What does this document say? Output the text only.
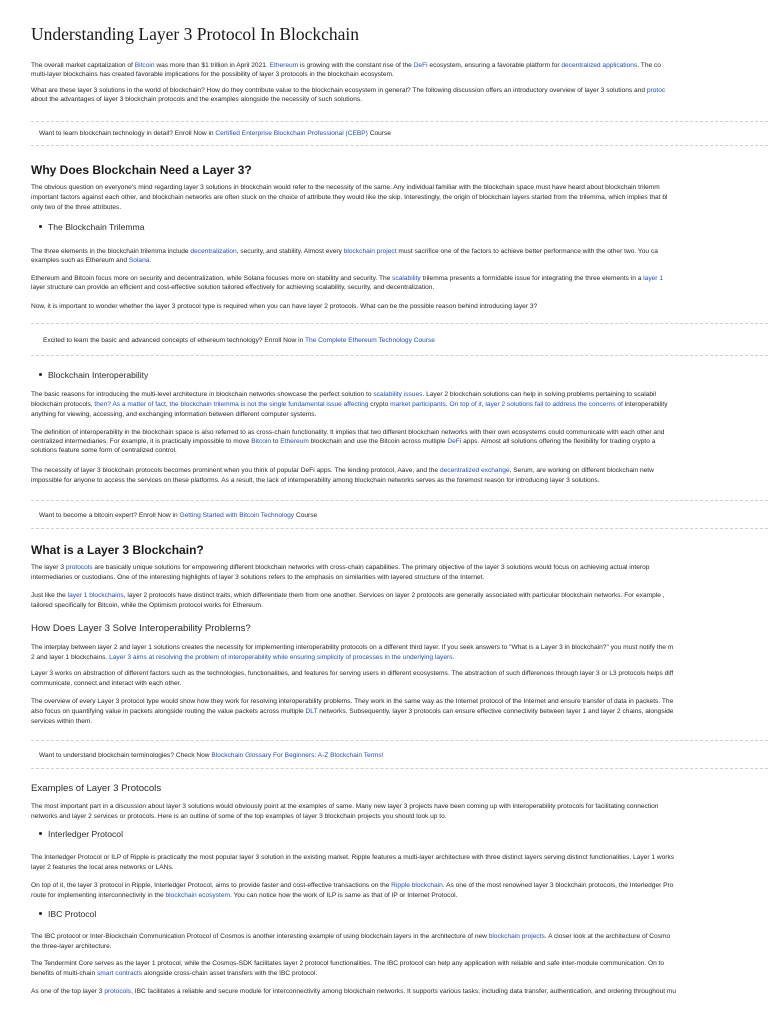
Understanding Layer 3 Protocol In Blockchain
The overall market capitalization of Bitcoin was more than $1 trillion in April 2021. Ethereum is growing with the constant rise of the DeFi ecosystem, ensuring a favorable platform for decentralized applications. The co
multi-layer blockchains has created favorable implications for the possibility of layer 3 protocols in the blockchain ecosystem.
What are these layer 3 solutions in the world of blockchain? How do they contribute value to the blockchain ecosystem in general? The following discussion offers an introductory overview of layer 3 solutions and protoc
about the advantages of layer 3 blockchain protocols and the examples alongside the necessity of such solutions.
Want to learn blockchain technology in detail? Enroll Now in Certified Enterprise Blockchain Professional (CEBP) Course
Why Does Blockchain Need a Layer 3?
The obvious question on everyone's mind regarding layer 3 solutions in blockchain would refer to the necessity of the same. Any individual familiar with the blockchain space must have heard about blockchain trilemm
important factors against each other, and blockchain networks are often stuck on the choice of attribute they would like the skip. Interestingly, the origin of blockchain layers started from the trilemma, which implies that bl
only two of the three attributes.
The Blockchain Trilemma
The three elements in the blockchain trilemma include decentralization, security, and stability. Almost every blockchain project must sacrifice one of the factors to achieve better performance with the other two. You ca
examples such as Ethereum and Solana.
Ethereum and Bitcoin focus more on security and decentralization, while Solana focuses more on stability and security. The scalability trilemma presents a formidable issue for integrating the three elements in a layer 1
layer structure can provide an efficient and cost-effective solution tailored effectively for achieving scalability, security, and decentralization.
Now, it is important to wonder whether the layer 3 protocol type is required when you can have layer 2 protocols. What can be the possible reason behind introducing layer 3?
Excited to learn the basic and advanced concepts of ethereum technology? Enroll Now in The Complete Ethereum Technology Course
Blockchain Interoperability
The basic reasons for introducing the multi-level architecture in blockchain networks showcase the perfect solution to scalability issues. Layer 2 blockchain solutions can help in solving problems pertaining to scalabil
blockchain protocols, then? As a matter of fact, the blockchain trilemma is not the single fundamental issue affecting crypto market participants. On top of it, layer 2 solutions fail to address the concerns of interoperability
anything for viewing, accessing, and exchanging information between different computer systems.
The definition of interoperability in the blockchain space is also referred to as cross-chain functionality. It implies that two different blockchain networks with their own ecosystems could communicate with each other and
centralized intermediaries. For example, it is practically impossible to move Bitcoin to Ethereum blockchain and use the Bitcoin across multiple DeFi apps. Almost all solutions offering the flexibility for trading crypto a
solutions feature some form of centralized control.
The necessity of layer 3 blockchain protocols becomes prominent when you think of popular DeFi apps. The lending protocol, Aave, and the decentralized exchange, Serum, are working on different blockchain netw
impossible for anyone to access the services on these platforms. As a result, the lack of interoperability among blockchain networks serves as the foremost reason for introducing layer 3 solutions.
Want to become a bitcoin expert? Enroll Now in Getting Started with Bitcoin Technology Course
What is a Layer 3 Blockchain?
The layer 3 protocols are basically unique solutions for empowering different blockchain networks with cross-chain capabilities. The primary objective of the layer 3 solutions would focus on achieving actual interop
intermediaries or custodians. One of the interesting highlights of layer 3 solutions refers to the emphasis on similarities with layered structure of the Internet.
Just like the layer 1 blockchains, layer 2 protocols have distinct traits, which differentiate them from one another. Services on layer 2 protocols are generally associated with particular blockchain networks. For example ,
tailored specifically for Bitcoin, while the Optimism protocol works for Ethereum.
How Does Layer 3 Solve Interoperability Problems?
The interplay between layer 2 and layer 1 solutions creates the necessity for implementing interoperability protocols on a different third layer. If you seek answers to "What is a Layer 3 in blockchain?" you must notify the m
2 and layer 1 blockchains. Layer 3 aims at resolving the problem of interoperability while ensuring simplicity of processes in the underlying layers.
Layer 3 works on abstraction of different factors such as the technologies, functionalities, and features for serving users in different ecosystems. The abstraction of such differences through layer 3 or L3 protocols helps diff
communicate, connect and interact with each other.
The overview of every Layer 3 protocol type would show how they work for resolving interoperability problems. They work in the same way as the Internet protocol of the Internet and ensure transfer of data in packets. The
also focus on quantifying value in packets alongside routing the value packets across multiple DLT networks. Subsequently, layer 3 protocols can ensure effective connectivity between layer 1 and layer 2 chains, alongside
services within them.
Want to understand blockchain terminologies? Check Now Blockchain Glossary For Beginners: A-Z Blockchain Terms!
Examples of Layer 3 Protocols
The most important part in a discussion about layer 3 solutions would obviously point at the examples of same. Many new layer 3 projects have been coming up with interoperability protocols for facilitating connection
networks and layer 2 services or protocols. Here is an outline of some of the top examples of layer 3 blockchain projects you should look up to.
Interledger Protocol
The Interledger Protocol or ILP of Ripple is practically the most popular layer 3 solution in the existing market. Ripple features a multi-layer architecture with three distinct layers serving distinct functionalities. Layer 1 works
layer 2 features the local area networks or LANs.
On top of it, the layer 3 protocol in Ripple, Interledger Protocol, aims to provide faster and cost-effective transactions on the Ripple blockchain. As one of the most renowned layer 3 blockchain protocols, the Interledger Pro
route for implementing interconnectivity in the blockchain ecosystem. You can notice how the work of ILP is same as that of IP or Internet Protocol.
IBC Protocol
The IBC protocol or Inter-Blockchain Communication Protocol of Cosmos is another interesting example of using blockchain layers in the architecture of new blockchain projects. A closer look at the architecture of Cosmo
the three-layer architecture.
The Tendermint Core serves as the layer 1 protocol, while the Cosmos-SDK facilitates layer 2 protocol functionalities. The IBC protocol can help any application with reliable and safe inter-module communication. On to
benefits of multi-chain smart contracts alongside cross-chain asset transfers with the IBC protocol.
As one of the top layer 3 protocols, IBC facilitates a reliable and secure module for interconnectivity among blockchain networks. It supports various tasks, including data transfer, authentication, and ordering throughout mu
